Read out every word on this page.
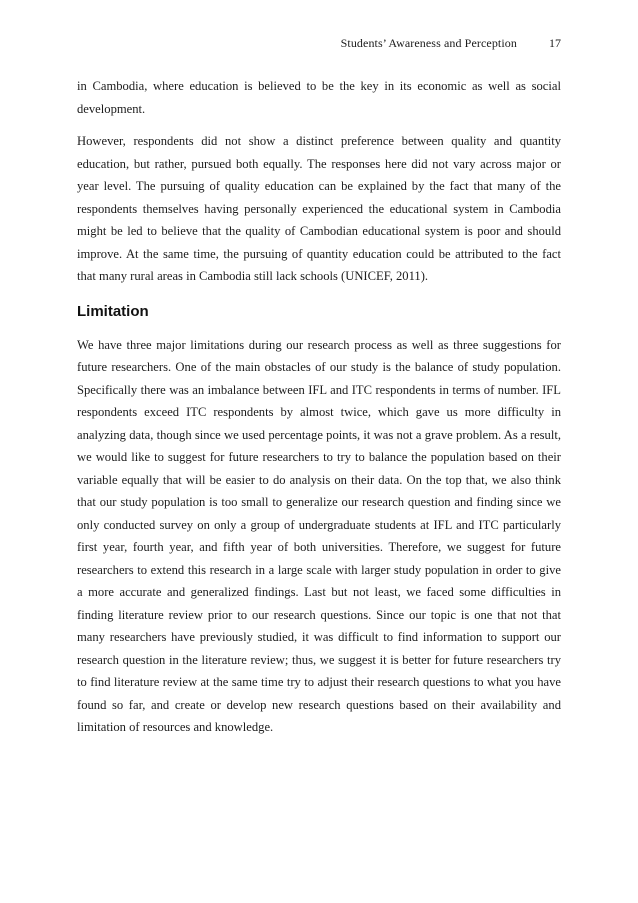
Students’ Awareness and Perception	17

in Cambodia, where education is believed to be the key in its economic as well as social development.

However, respondents did not show a distinct preference between quality and quantity education, but rather, pursued both equally. The responses here did not vary across major or year level. The pursuing of quality education can be explained by the fact that many of the respondents themselves having personally experienced the educational system in Cambodia might be led to believe that the quality of Cambodian educational system is poor and should improve. At the same time, the pursuing of quantity education could be attributed to the fact that many rural areas in Cambodia still lack schools (UNICEF, 2011).

Limitation

We have three major limitations during our research process as well as three suggestions for future researchers. One of the main obstacles of our study is the balance of study population. Specifically there was an imbalance between IFL and ITC respondents in terms of number. IFL respondents exceed ITC respondents by almost twice, which gave us more difficulty in analyzing data, though since we used percentage points, it was not a grave problem. As a result, we would like to suggest for future researchers to try to balance the population based on their variable equally that will be easier to do analysis on their data. On the top that, we also think that our study population is too small to generalize our research question and finding since we only conducted survey on only a group of undergraduate students at IFL and ITC particularly first year, fourth year, and fifth year of both universities. Therefore, we suggest for future researchers to extend this research in a large scale with larger study population in order to give a more accurate and generalized findings. Last but not least, we faced some difficulties in finding literature review prior to our research questions. Since our topic is one that not that many researchers have previously studied, it was difficult to find information to support our research question in the literature review; thus, we suggest it is better for future researchers try to find literature review at the same time try to adjust their research questions to what you have found so far, and create or develop new research questions based on their availability and limitation of resources and knowledge.
